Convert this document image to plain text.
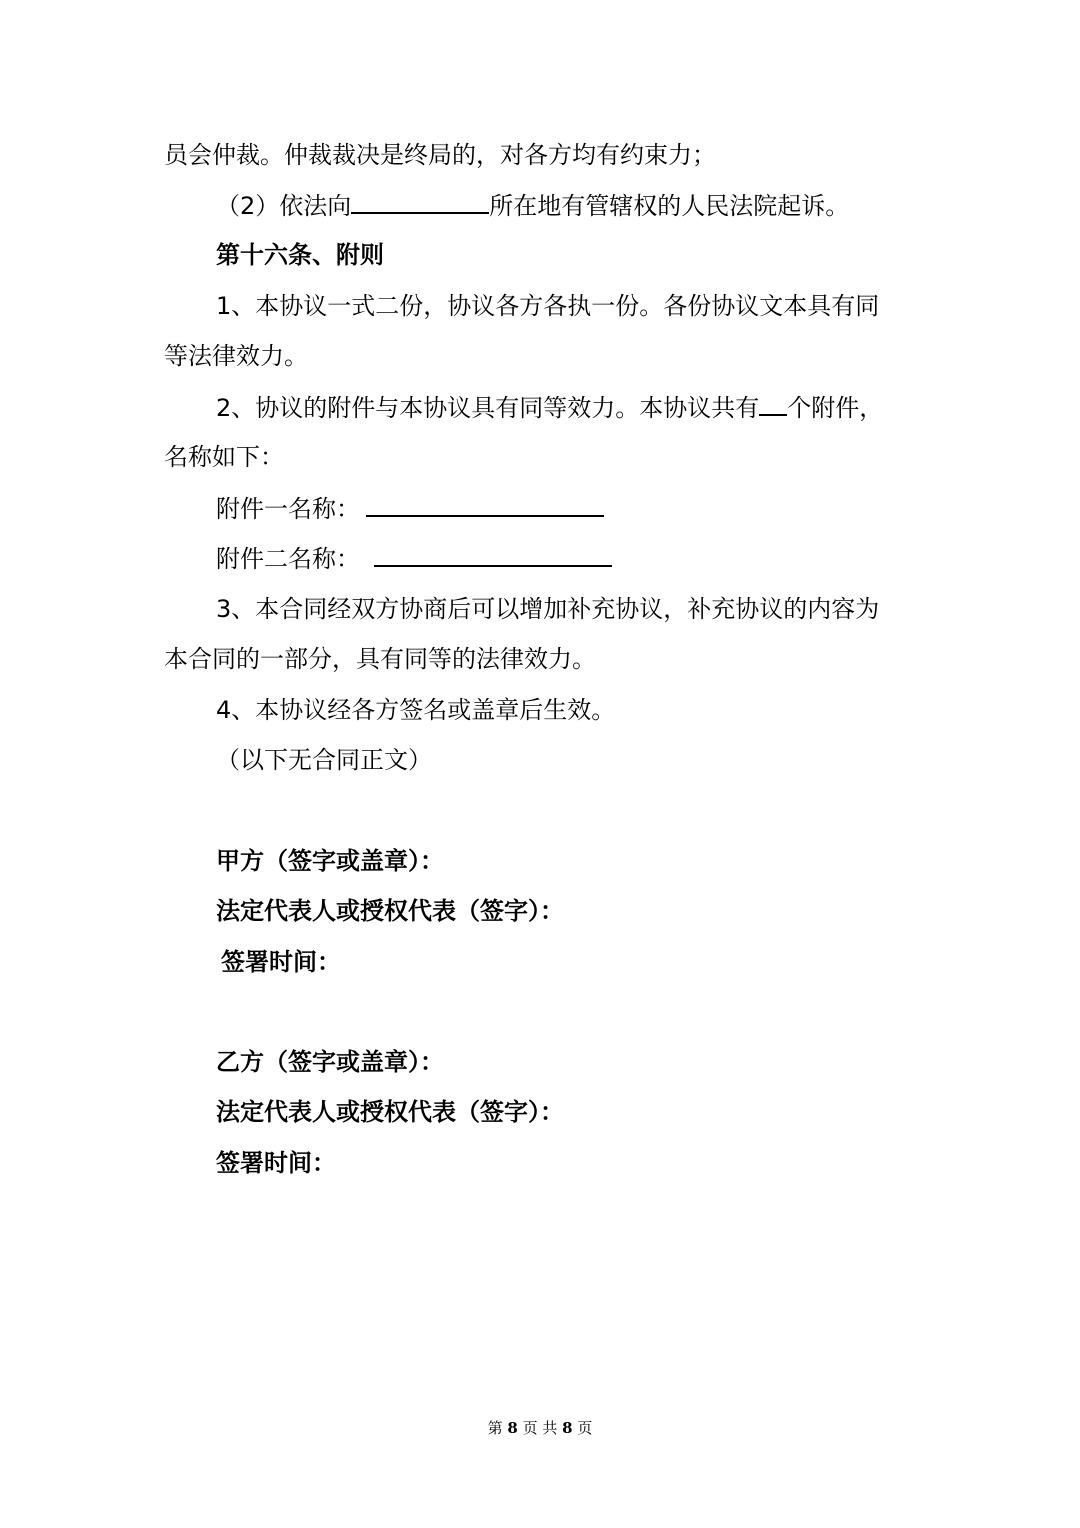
员会仲裁。仲裁裁决是终局的，对各方均有约束力；
（2）依法向	所在地有管辖权的人民法院起诉。
第十六条、附则
1、本协议一式二份，协议各方各执一份。各份协议文本具有同
等法律效力。
2、协议的附件与本协议具有同等效力。本协议共有 个附件，
名称如下：
附件一名称：
附件二名称：
3、本合同经双方协商后可以增加补充协议，补充协议的内容为
本合同的一部分，具有同等的法律效力。
4、本协议经各方签名或盖章后生效。
（以下无合同正文）
甲方（签字或盖章）：
法定代表人或授权代表（签字）：
签署时间：
乙方（签字或盖章）：
法定代表人或授权代表（签字）：
签署时间：
第 8 页 共 8 页
